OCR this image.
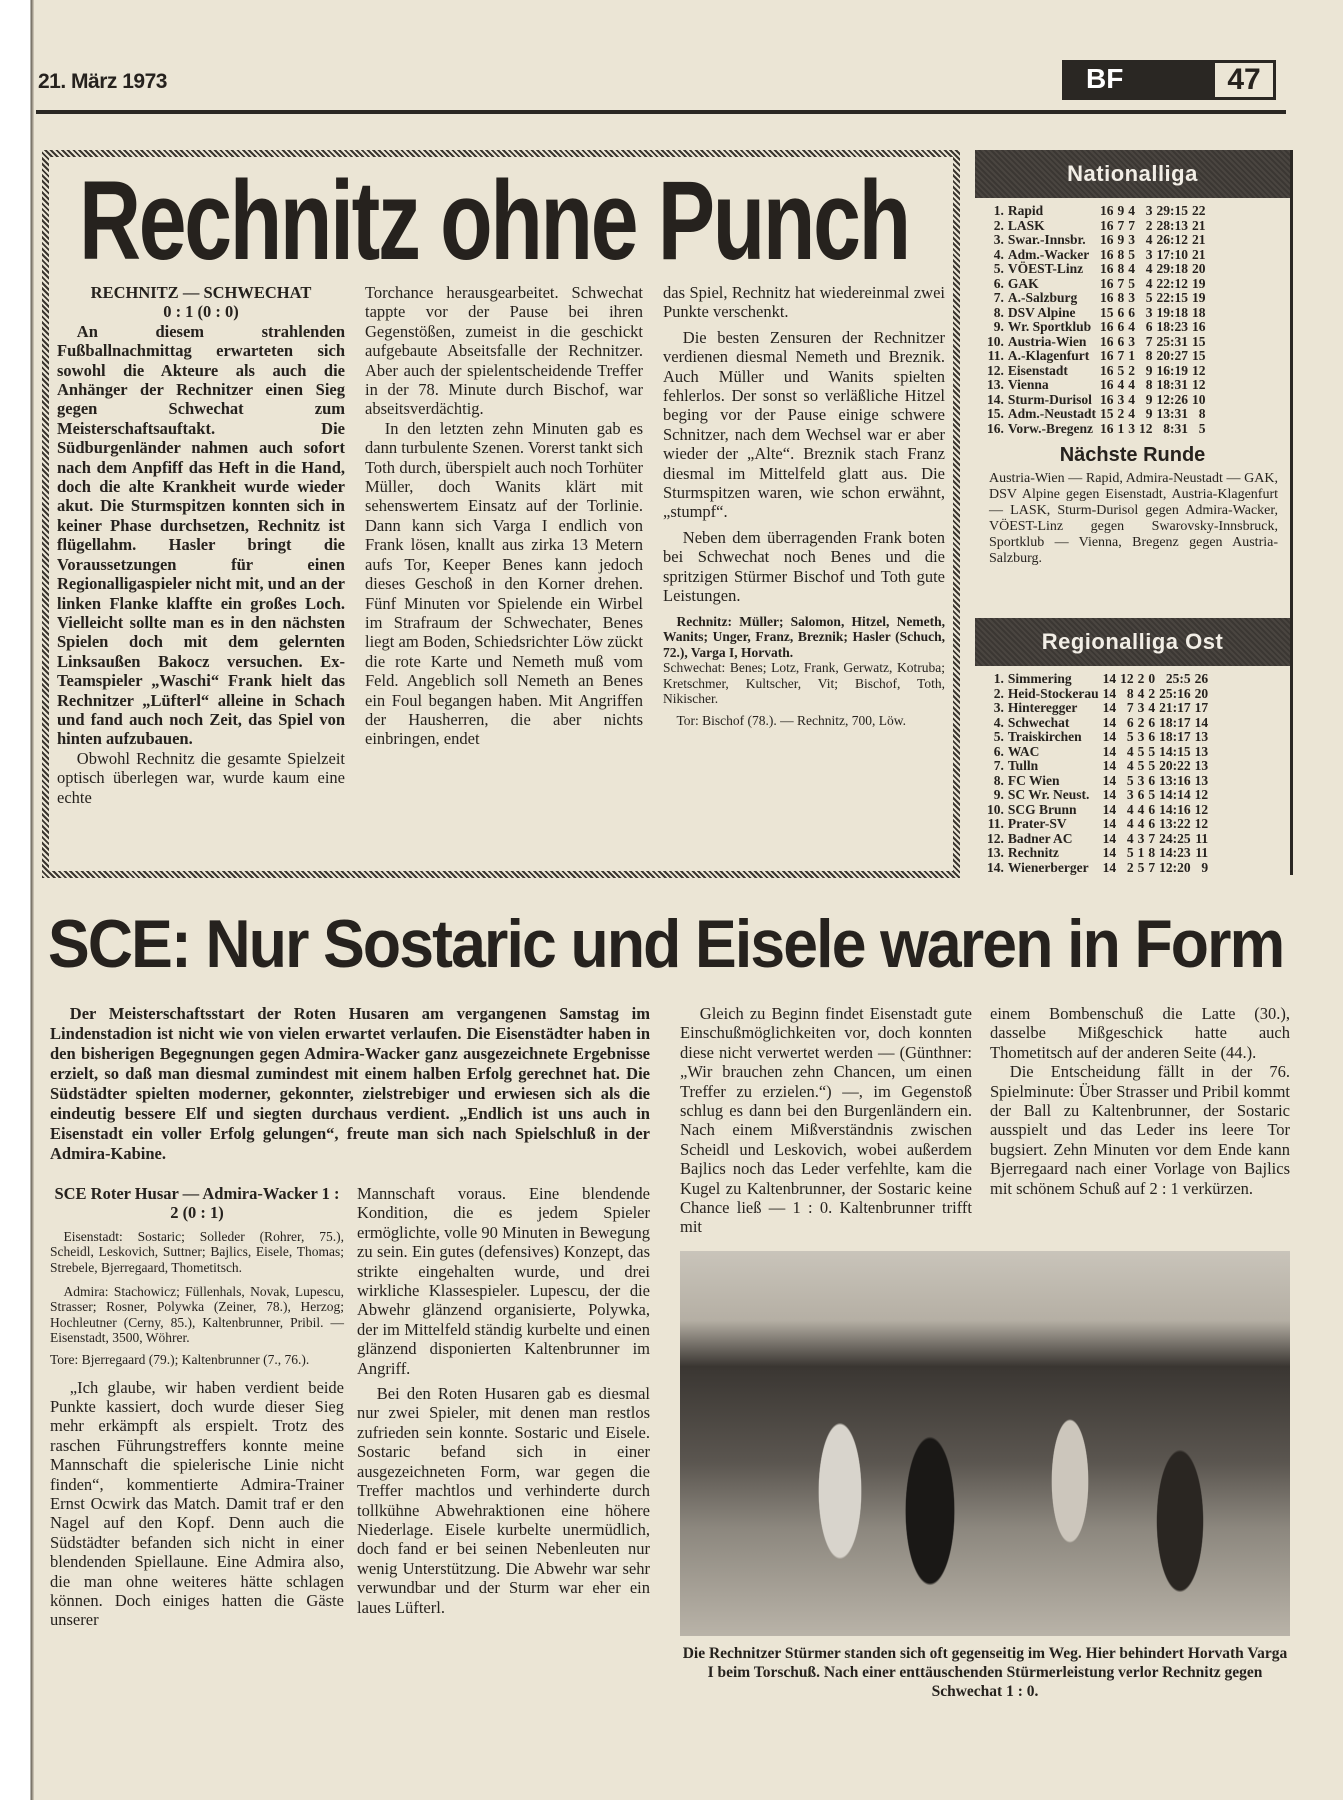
21. März 1973	BF	47
Rechnitz ohne Punch

RECHNITZ — SCHWECHAT

0 : 1 (0 : 0)

An diesem strahlenden Fußballnachmittag erwarteten sich sowohl die Akteure als auch die Anhänger der Rechnitzer einen Sieg gegen Schwechat zum Meisterschaftsauftakt. Die Südburgenländer nahmen auch sofort nach dem Anpfiff das Heft in die Hand, doch die alte Krankheit wurde wieder akut. Die Sturmspitzen konnten sich in keiner Phase durchsetzen, Rechnitz ist flügellahm. Hasler bringt die Voraussetzungen für einen Regionalligaspieler nicht mit, und an der linken Flanke klaffte ein großes Loch. Vielleicht sollte man es in den nächsten Spielen doch mit dem gelernten Linksaußen Bakocz versuchen. Ex-Teamspieler „Waschi“ Frank hielt das Rechnitzer „Lüfterl“ alleine in Schach und fand auch noch Zeit, das Spiel von hinten aufzubauen.

Obwohl Rechnitz die gesamte Spielzeit optisch überlegen war, wurde kaum eine echte

Torchance herausgearbeitet. Schwechat tappte vor der Pause bei ihren Gegenstößen, zumeist in die geschickt aufgebaute Abseitsfalle der Rechnitzer. Aber auch der spielentscheidende Treffer in der 78. Minute durch Bischof, war abseitsverdächtig.

In den letzten zehn Minuten gab es dann turbulente Szenen. Vorerst tankt sich Toth durch, überspielt auch noch Torhüter Müller, doch Wanits klärt mit sehenswertem Einsatz auf der Torlinie. Dann kann sich Varga I endlich von Frank lösen, knallt aus zirka 13 Metern aufs Tor, Keeper Benes kann jedoch dieses Geschoß in den Korner drehen. Fünf Minuten vor Spielende ein Wirbel im Strafraum der Schwechater, Benes liegt am Boden, Schiedsrichter Löw zückt die rote Karte und Nemeth muß vom Feld. Angeblich soll Nemeth an Benes ein Foul begangen haben. Mit Angriffen der Hausherren, die aber nichts einbringen, endet

das Spiel, Rechnitz hat wiedereinmal zwei Punkte verschenkt.

Die besten Zensuren der Rechnitzer verdienen diesmal Nemeth und Breznik. Auch Müller und Wanits spielten fehlerlos. Der sonst so verläßliche Hitzel beging vor der Pause einige schwere Schnitzer, nach dem Wechsel war er aber wieder der „Alte“. Breznik stach Franz diesmal im Mittelfeld glatt aus. Die Sturmspitzen waren, wie schon erwähnt, „stumpf“.

Neben dem überragenden Frank boten bei Schwechat noch Benes und die spritzigen Stürmer Bischof und Toth gute Leistungen.

Rechnitz: Müller; Salomon, Hitzel, Nemeth, Wanits; Unger, Franz, Breznik; Hasler (Schuch, 72.), Varga I, Horvath.

Schwechat: Benes; Lotz, Frank, Gerwatz, Kotruba; Kretschmer, Kultscher, Vit; Bischof, Toth, Nikischer.

Tor: Bischof (78.). — Rechnitz, 700, Löw.

Nationalliga
1.	Rapid	16	9	4	3	29:15	22
2.	LASK	16	7	7	2	28:13	21
3.	Swar.-Innsbr.	16	9	3	4	26:12	21
4.	Adm.-Wacker	16	8	5	3	17:10	21
5.	VÖEST-Linz	16	8	4	4	29:18	20
6.	GAK	16	7	5	4	22:12	19
7.	A.-Salzburg	16	8	3	5	22:15	19
8.	DSV Alpine	15	6	6	3	19:18	18
9.	Wr. Sportklub	16	6	4	6	18:23	16
10.	Austria-Wien	16	6	3	7	25:31	15
11.	A.-Klagenfurt	16	7	1	8	20:27	15
12.	Eisenstadt	16	5	2	9	16:19	12
13.	Vienna	16	4	4	8	18:31	12
14.	Sturm-Durisol	16	3	4	9	12:26	10
15.	Adm.-Neustadt	15	2	4	9	13:31	8
16.	Vorw.-Bregenz	16	1	3	12	8:31	5
Nächste Runde
Austria-Wien — Rapid, Admira-Neustadt — GAK, DSV Alpine gegen Eisenstadt, Austria-Klagenfurt — LASK, Sturm-Durisol gegen Admira-Wacker, VÖEST-Linz gegen Swarovsky-Innsbruck, Sportklub — Vienna, Bregenz gegen Austria-Salzburg.
Regionalliga Ost
1.	Simmering	14	12	2	0	25:5	26
2.	Heid-Stockerau	14	8	4	2	25:16	20
3.	Hinteregger	14	7	3	4	21:17	17
4.	Schwechat	14	6	2	6	18:17	14
5.	Traiskirchen	14	5	3	6	18:17	13
6.	WAC	14	4	5	5	14:15	13
7.	Tulln	14	4	5	5	20:22	13
8.	FC Wien	14	5	3	6	13:16	13
9.	SC Wr. Neust.	14	3	6	5	14:14	12
10.	SCG Brunn	14	4	4	6	14:16	12
11.	Prater-SV	14	4	4	6	13:22	12
12.	Badner AC	14	4	3	7	24:25	11
13.	Rechnitz	14	5	1	8	14:23	11
14.	Wienerberger	14	2	5	7	12:20	9
SCE: Nur Sostaric und Eisele waren in Form

Der Meisterschaftsstart der Roten Husaren am vergangenen Samstag im Lindenstadion ist nicht wie von vielen erwartet verlaufen. Die Eisenstädter haben in den bisherigen Begegnungen gegen Admira-Wacker ganz ausgezeichnete Ergebnisse erzielt, so daß man diesmal zumindest mit einem halben Erfolg gerechnet hat. Die Südstädter spielten moderner, gekonnter, zielstrebiger und erwiesen sich als die eindeutig bessere Elf und siegten durchaus verdient. „Endlich ist uns auch in Eisenstadt ein voller Erfolg gelungen“, freute man sich nach Spielschluß in der Admira-Kabine.

SCE Roter Husar — Admira-Wacker 1 : 2 (0 : 1)

Eisenstadt: Sostaric; Solleder (Rohrer, 75.), Scheidl, Leskovich, Suttner; Bajlics, Eisele, Thomas; Strebele, Bjerregaard, Thometitsch.

Admira: Stachowicz; Füllenhals, Novak, Lupescu, Strasser; Rosner, Polywka (Zeiner, 78.), Herzog; Hochleutner (Cerny, 85.), Kaltenbrunner, Pribil. — Eisenstadt, 3500, Wöhrer.

Tore: Bjerregaard (79.); Kaltenbrunner (7., 76.).

„Ich glaube, wir haben verdient beide Punkte kassiert, doch wurde dieser Sieg mehr erkämpft als erspielt. Trotz des raschen Führungstreffers konnte meine Mannschaft die spielerische Linie nicht finden“, kommentierte Admira-Trainer Ernst Ocwirk das Match. Damit traf er den Nagel auf den Kopf. Denn auch die Südstädter befanden sich nicht in einer blendenden Spiellaune. Eine Admira also, die man ohne weiteres hätte schlagen können. Doch einiges hatten die Gäste unserer

Mannschaft voraus. Eine blendende Kondition, die es jedem Spieler ermöglichte, volle 90 Minuten in Bewegung zu sein. Ein gutes (defensives) Konzept, das strikte eingehalten wurde, und drei wirkliche Klassespieler. Lupescu, der die Abwehr glänzend organisierte, Polywka, der im Mittelfeld ständig kurbelte und einen glänzend disponierten Kaltenbrunner im Angriff.

Bei den Roten Husaren gab es diesmal nur zwei Spieler, mit denen man restlos zufrieden sein konnte. Sostaric und Eisele. Sostaric befand sich in einer ausgezeichneten Form, war gegen die Treffer machtlos und verhinderte durch tollkühne Abwehraktionen eine höhere Niederlage. Eisele kurbelte unermüdlich, doch fand er bei seinen Nebenleuten nur wenig Unterstützung. Die Abwehr war sehr verwundbar und der Sturm war eher ein laues Lüfterl.

Gleich zu Beginn findet Eisenstadt gute Einschußmöglichkeiten vor, doch konnten diese nicht verwertet werden — (Günthner: „Wir brauchen zehn Chancen, um einen Treffer zu erzielen.“) —, im Gegenstoß schlug es dann bei den Burgenländern ein. Nach einem Mißverständnis zwischen Scheidl und Leskovich, wobei außerdem Bajlics noch das Leder verfehlte, kam die Kugel zu Kaltenbrunner, der Sostaric keine Chance ließ — 1 : 0. Kaltenbrunner trifft mit

einem Bombenschuß die Latte (30.), dasselbe Mißgeschick hatte auch Thometitsch auf der anderen Seite (44.).

Die Entscheidung fällt in der 76. Spielminute: Über Strasser und Pribil kommt der Ball zu Kaltenbrunner, der Sostaric ausspielt und das Leder ins leere Tor bugsiert. Zehn Minuten vor dem Ende kann Bjerregaard nach einer Vorlage von Bajlics mit schönem Schuß auf 2 : 1 verkürzen.

Die Rechnitzer Stürmer standen sich oft gegenseitig im Weg. Hier behindert Horvath Varga I beim Torschuß. Nach einer enttäuschenden Stürmerleistung verlor Rechnitz gegen Schwechat 1 : 0.
